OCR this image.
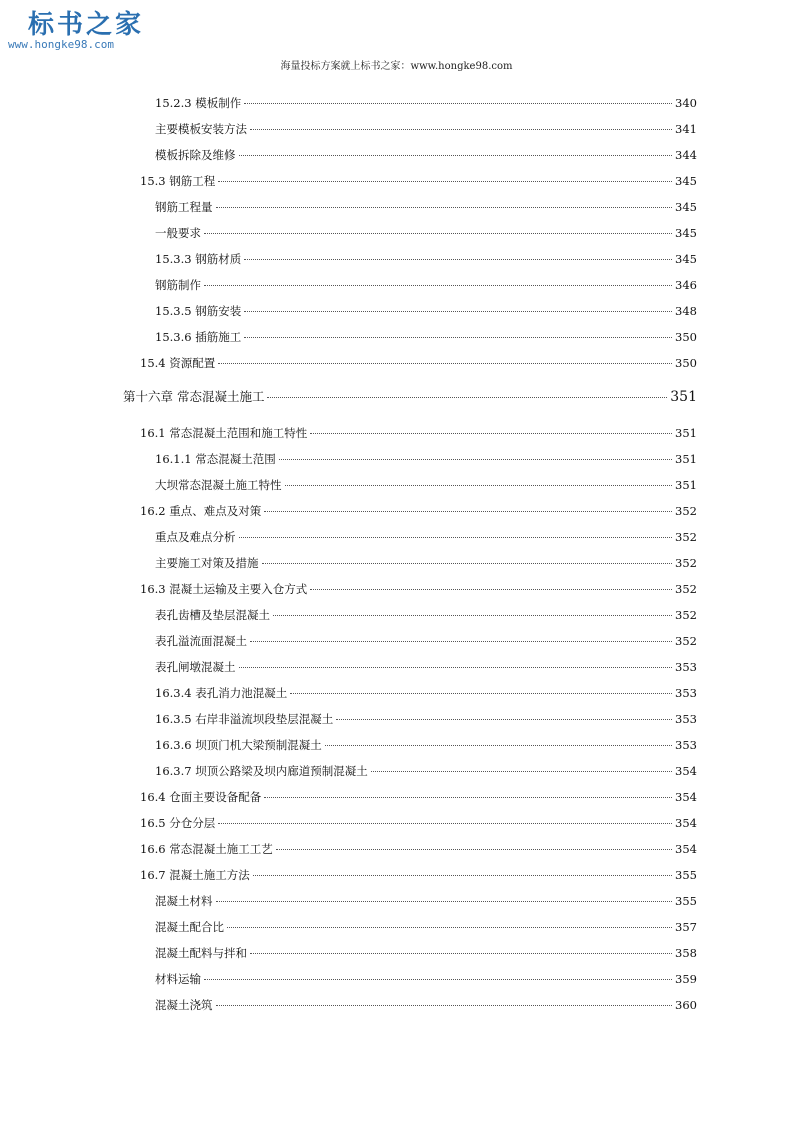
标书之家
www.hongke98.com
海量投标方案就上标书之家：www.hongke98.com
15.2.3 模板制作	340
主要模板安装方法	341
模板拆除及维修	344
15.3 钢筋工程	345
钢筋工程量	345
一般要求	345
15.3.3 钢筋材质	345
钢筋制作	346
15.3.5 钢筋安装	348
15.3.6 插筋施工	350
15.4 资源配置	350
第十六章 常态混凝土施工	351
16.1 常态混凝土范围和施工特性	351
16.1.1 常态混凝土范围	351
大坝常态混凝土施工特性	351
16.2 重点、难点及对策	352
重点及难点分析	352
主要施工对策及措施	352
16.3 混凝土运输及主要入仓方式	352
表孔齿槽及垫层混凝土	352
表孔溢流面混凝土	352
表孔闸墩混凝土	353
16.3.4 表孔消力池混凝土	353
16.3.5 右岸非溢流坝段垫层混凝土	353
16.3.6 坝顶门机大梁预制混凝土	353
16.3.7 坝顶公路梁及坝内廊道预制混凝土	354
16.4 仓面主要设备配备	354
16.5 分仓分层	354
16.6 常态混凝土施工工艺	354
16.7 混凝土施工方法	355
混凝土材料	355
混凝土配合比	357
混凝土配料与拌和	358
材料运输	359
混凝土浇筑	360
